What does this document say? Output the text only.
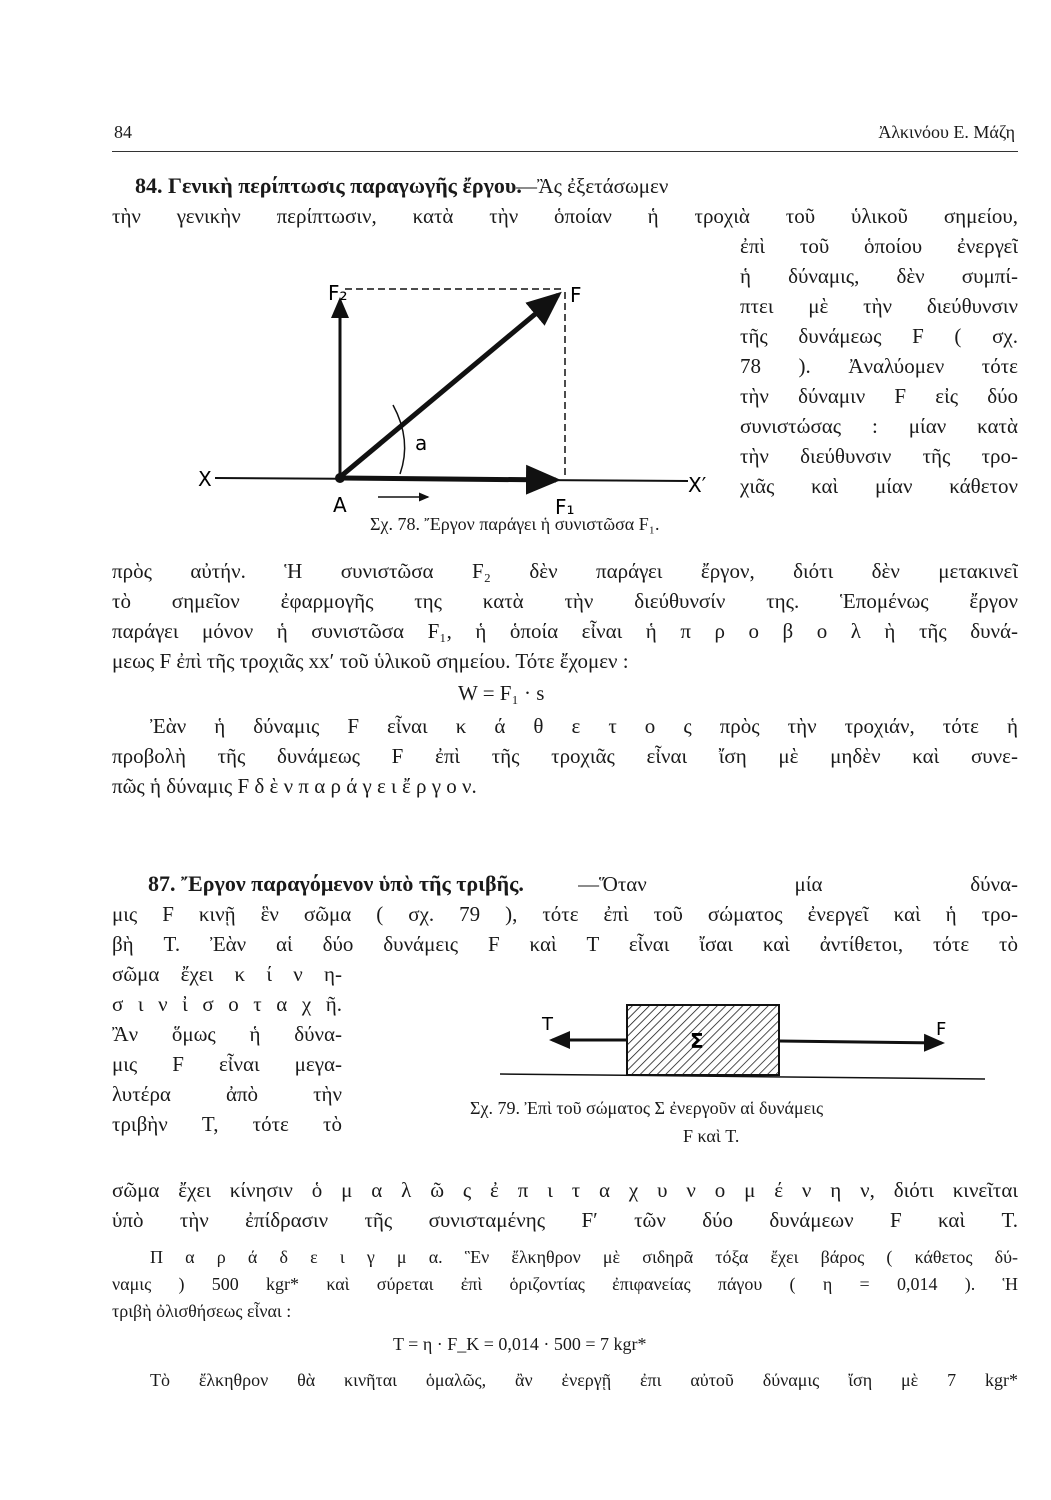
84	Ἀλκινόου Ε. Μάζη
84. Γενικὴ περίπτωσις παραγωγῆς ἔργου.
—Ἂς ἐξετάσωμεν
τὴν γενικὴν περίπτωσιν, κατὰ τὴν ὁποίαν ἡ τροχιὰ τοῦ ὑλικοῦ σημείου,
ἐπὶ τοῦ ὁποίου ἐνεργεῖ
ἡ δύναμις, δὲν συμπί-
πτει μὲ τὴν διεύθυνσιν
τῆς δυνάμεως F ( σχ.
78 ). Ἀναλύομεν τότε
τὴν δύναμιν F εἰς δύο
συνιστώσας : μίαν κατὰ
τὴν διεύθυνσιν τῆς τρο-
χιᾶς καὶ μίαν κάθετον
πρὸς αὐτήν. Ἡ συνιστῶσα F₂ δὲν παράγει ἔργον, διότι δὲν μετακινεῖ
τὸ σημεῖον ἐφαρμογῆς της κατὰ τὴν διεύθυνσίν της. Ἑπομένως ἔργον
παράγει μόνον ἡ συνιστῶσα F₁, ἡ ὁποία εἶναι ἡ π ρ ο β ο λ ὴ τῆς δυνά-
μεως F ἐπὶ τῆς τροχιᾶς xx′ τοῦ ὑλικοῦ σημείου. Τότε ἔχομεν :
W = F₁ · s
Ἐὰν ἡ δύναμις F εἶναι κ ά θ ε τ ο ς πρὸς τὴν τροχιάν, τότε ἡ
προβολὴ τῆς δυνάμεως F ἐπὶ τῆς τροχιᾶς εἶναι ἴση μὲ μηδὲν καὶ συνε-
πῶς ἡ δύναμις F δ ὲ ν π α ρ ά γ ε ι ἔ ρ γ ο ν.
F₂	F
a
X
A	F₁
X′
T
Σ	F
Σχ. 78. Ἔργον παράγει ἡ συνιστῶσα F₁.
87. Ἔργον παραγόμενον ὑπὸ τῆς τριβῆς.	—Ὅταν μία δύνα-
μις F κινῇ ἓν σῶμα ( σχ. 79 ), τότε ἐπὶ τοῦ σώματος ἐνεργεῖ καὶ ἡ τρο-
βὴ T. Ἐὰν αἱ δύο δυνάμεις F καὶ T εἶναι ἴσαι καὶ ἀντίθετοι, τότε τὸ
σῶμα ἔχει κ ί ν η-
σ ι ν ἰ σ ο τ α χ ῆ.
Ἂν ὅμως ἡ δύνα-
μις F εἶναι μεγα-
λυτέρα ἀπὸ τὴν
τριβὴν T, τότε τὸ
σῶμα ἔχει κίνησιν ὁ μ α λ ῶ ς ἐ π ι τ α χ υ ν ο μ έ ν η ν, διότι κινεῖται
ὑπὸ τὴν ἐπίδρασιν τῆς συνισταμένης F′ τῶν δύο δυνάμεων F καὶ T.
Π α ρ ά δ ε ι γ μ α. Ἓν ἔλκηθρον μὲ σιδηρᾶ τόξα ἔχει βάρος ( κάθετος δύ-
ναμις ) 500 kgr* καὶ σύρεται ἐπὶ ὁριζοντίας ἐπιφανείας πάγου ( η = 0,014 ). Ἡ
τριβὴ ὀλισθήσεως εἶναι :
T = η · F_K = 0,014 · 500 = 7 kgr*
Τὸ ἔλκηθρον θὰ κινῆται ὁμαλῶς, ἂν ἐνεργῇ ἐπι αὐτοῦ δύναμις ἴση μὲ 7 kgr*
Σχ. 79. Ἐπὶ τοῦ σώματος Σ ἐνεργοῦν αἱ δυνάμεις
F καὶ T.
